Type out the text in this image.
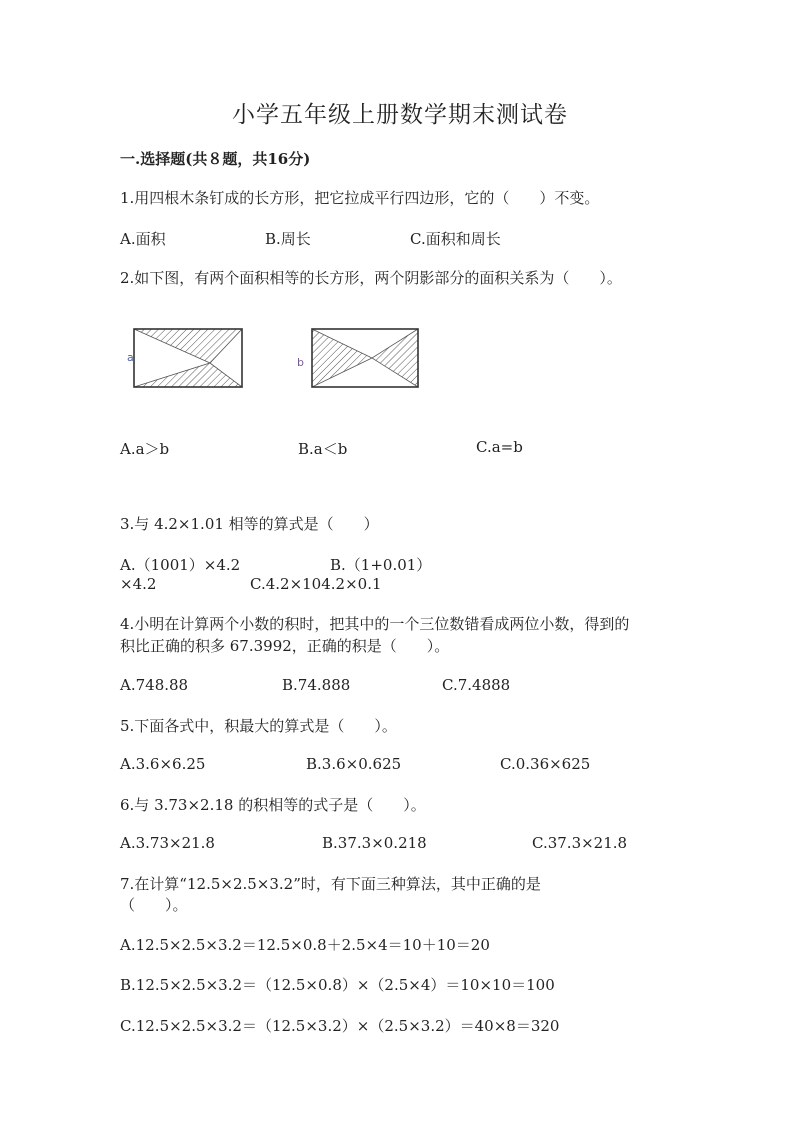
小学五年级上册数学期末测试卷
一.选择题(共８题，共16分)
1.用四根木条钉成的长方形，把它拉成平行四边形，它的（　　）不变。
A.面积	B.周长	C.面积和周长
2.如下图，有两个面积相等的长方形，两个阴影部分的面积关系为（　　）。
a	b
A.a＞b	B.a＜b	C.a=b
3.与 4.2×1.01 相等的算式是（　　）
A.（1001）×4.2	B.（1+0.01）
×4.2	C.4.2×104.2×0.1
4.小明在计算两个小数的积时，把其中的一个三位数错看成两位小数，得到的
积比正确的积多 67.3992，正确的积是（　　）。
A.748.88	B.74.888	C.7.4888
5.下面各式中，积最大的算式是（　　）。
A.3.6×6.25	B.3.6×0.625	C.0.36×625
6.与 3.73×2.18 的积相等的式子是（　　）。
A.3.73×21.8	B.37.3×0.218	C.37.3×21.8
7.在计算“12.5×2.5×3.2”时，有下面三种算法，其中正确的是
（　　）。
A.12.5×2.5×3.2＝12.5×0.8＋2.5×4＝10＋10＝20
B.12.5×2.5×3.2＝（12.5×0.8）×（2.5×4）＝10×10＝100
C.12.5×2.5×3.2＝（12.5×3.2）×（2.5×3.2）＝40×8＝320
